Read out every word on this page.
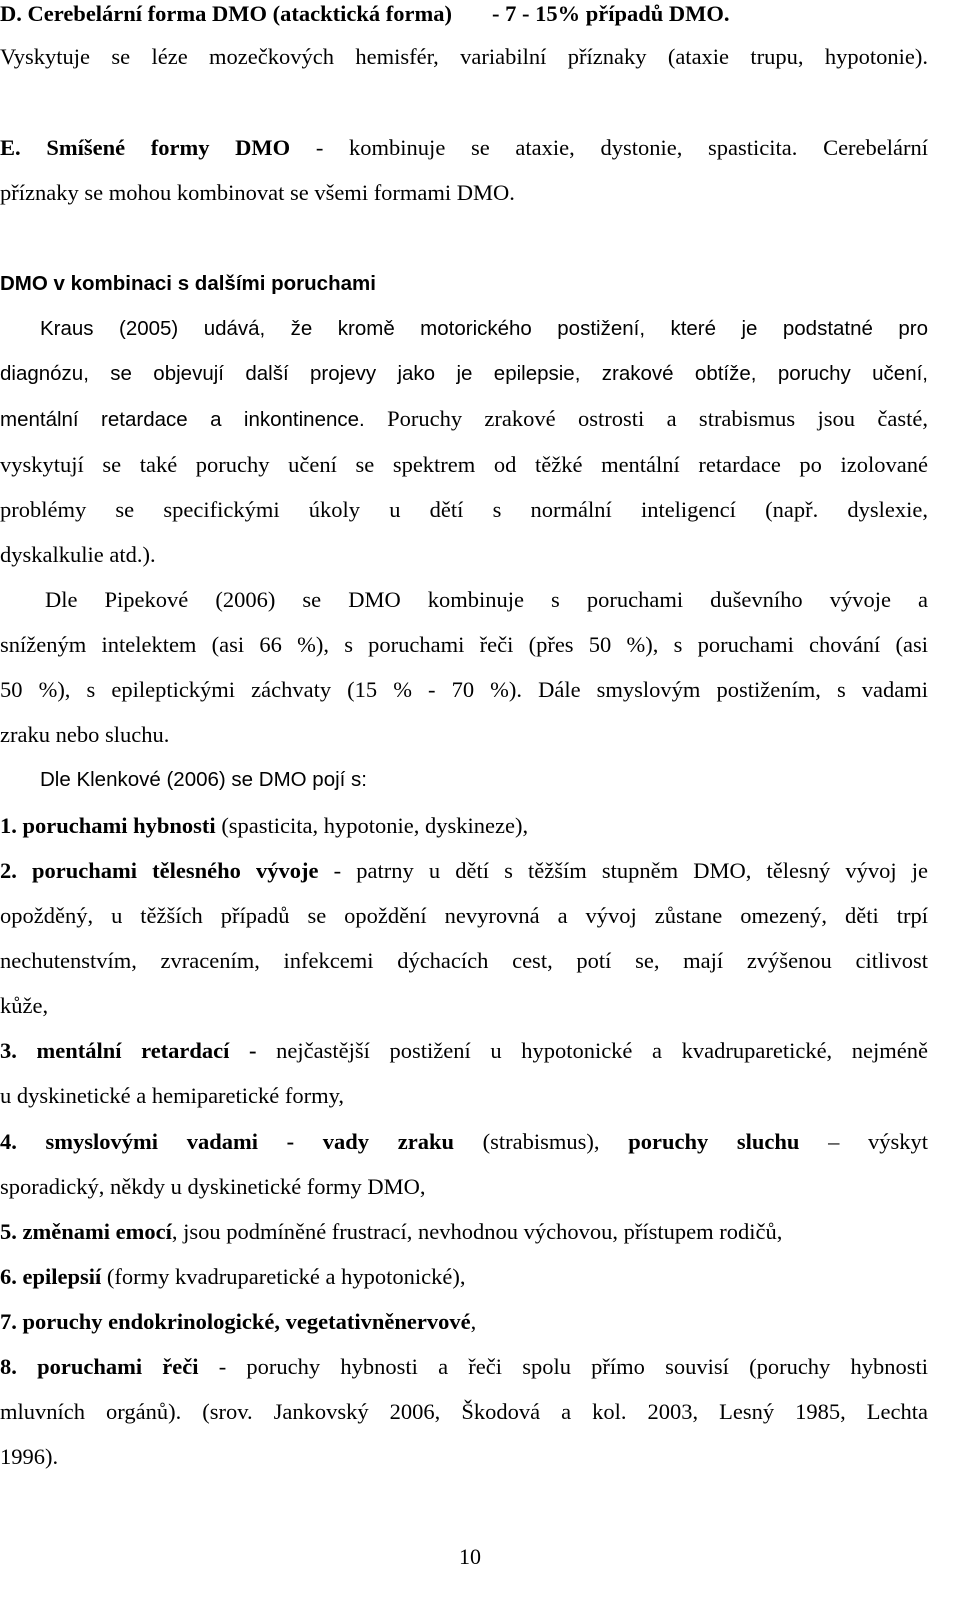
D. Cerebelární forma DMO (atacktická forma) - 7 - 15% případů DMO.
Vyskytuje se léze mozečkových hemisfér, variabilní příznaky (ataxie trupu, hypotonie).
E. Smíšené formy DMO - kombinuje se ataxie, dystonie, spasticita. Cerebelární
příznaky se mohou kombinovat se všemi formami DMO.
DMO v kombinaci s dalšími poruchami
Kraus (2005) udává, že kromě motorického postižení, které je podstatné pro
diagnózu, se objevují další projevy jako je epilepsie, zrakové obtíže, poruchy učení,
mentální retardace a inkontinence. Poruchy zrakové ostrosti a strabismus jsou časté,
vyskytují se také poruchy učení se spektrem od těžké mentální retardace po izolované
problémy se specifickými úkoly u dětí s normální inteligencí (např. dyslexie,
dyskalkulie atd.).
Dle Pipekové (2006) se DMO kombinuje s poruchami duševního vývoje a
sníženým intelektem (asi 66 %), s poruchami řeči (přes 50 %), s poruchami chování (asi
50 %), s epileptickými záchvaty (15 % - 70 %). Dále smyslovým postižením, s vadami
zraku nebo sluchu.
Dle Klenkové (2006) se DMO pojí s:
1. poruchami hybnosti (spasticita, hypotonie, dyskineze),
2. poruchami tělesného vývoje - patrny u dětí s těžším stupněm DMO, tělesný vývoj je
opožděný, u těžších případů se opoždění nevyrovná a vývoj zůstane omezený, děti trpí
nechutenstvím, zvracením, infekcemi dýchacích cest, potí se, mají zvýšenou citlivost
kůže,
3. mentální retardací - nejčastější postižení u hypotonické a kvadruparetické, nejméně
u dyskinetické a hemiparetické formy,
4. smyslovými vadami - vady zraku (strabismus), poruchy sluchu – výskyt
sporadický, někdy u dyskinetické formy DMO,
5. změnami emocí, jsou podmíněné frustrací, nevhodnou výchovou, přístupem rodičů,
6. epilepsií (formy kvadruparetické a hypotonické),
7. poruchy endokrinologické, vegetativněnervové,
8. poruchami řeči - poruchy hybnosti a řeči spolu přímo souvisí (poruchy hybnosti
mluvních orgánů). (srov. Jankovský 2006, Škodová a kol. 2003, Lesný 1985, Lechta
1996).
10
